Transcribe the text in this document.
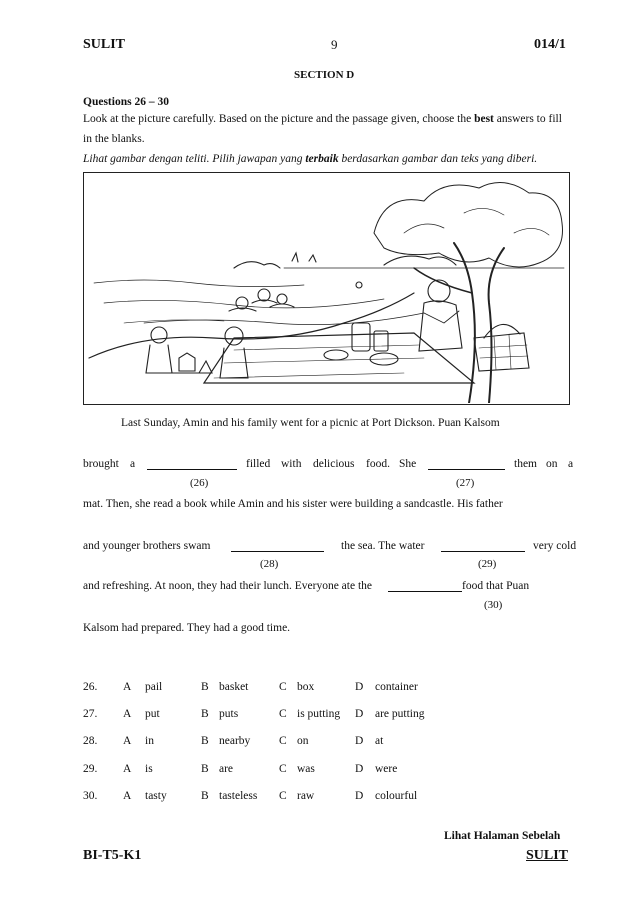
SULIT	9	014/1
SECTION D
Questions 26 – 30
Look at the picture carefully. Based on the picture and the passage given, choose the best answers to fill
in the blanks.
Lihat gambar dengan teliti. Pilih jawapan yang terbaik berdasarkan gambar dan teks yang diberi.
Last Sunday, Amin and his family went for a picnic at Port Dickson. Puan Kalsom
brought a	filled with delicious food. She	them on a
(26)	(27)
mat. Then, she read a book while Amin and his sister were building a sandcastle. His father
and younger brothers swam	the sea. The water	very cold
(28)	(29)
and refreshing. At noon, they had their lunch. Everyone ate the	food that Puan
(30)
Kalsom had prepared. They had a good time.
26. A pail	B basket	C box	D container
27. A put	B puts	C is putting D are putting
28. A in	B nearby C on	D at
29. A is	B are	C was	D were
30. A tasty	B tasteless C raw	D colourful
Lihat Halaman Sebelah
BI-T5-K1	SULIT
